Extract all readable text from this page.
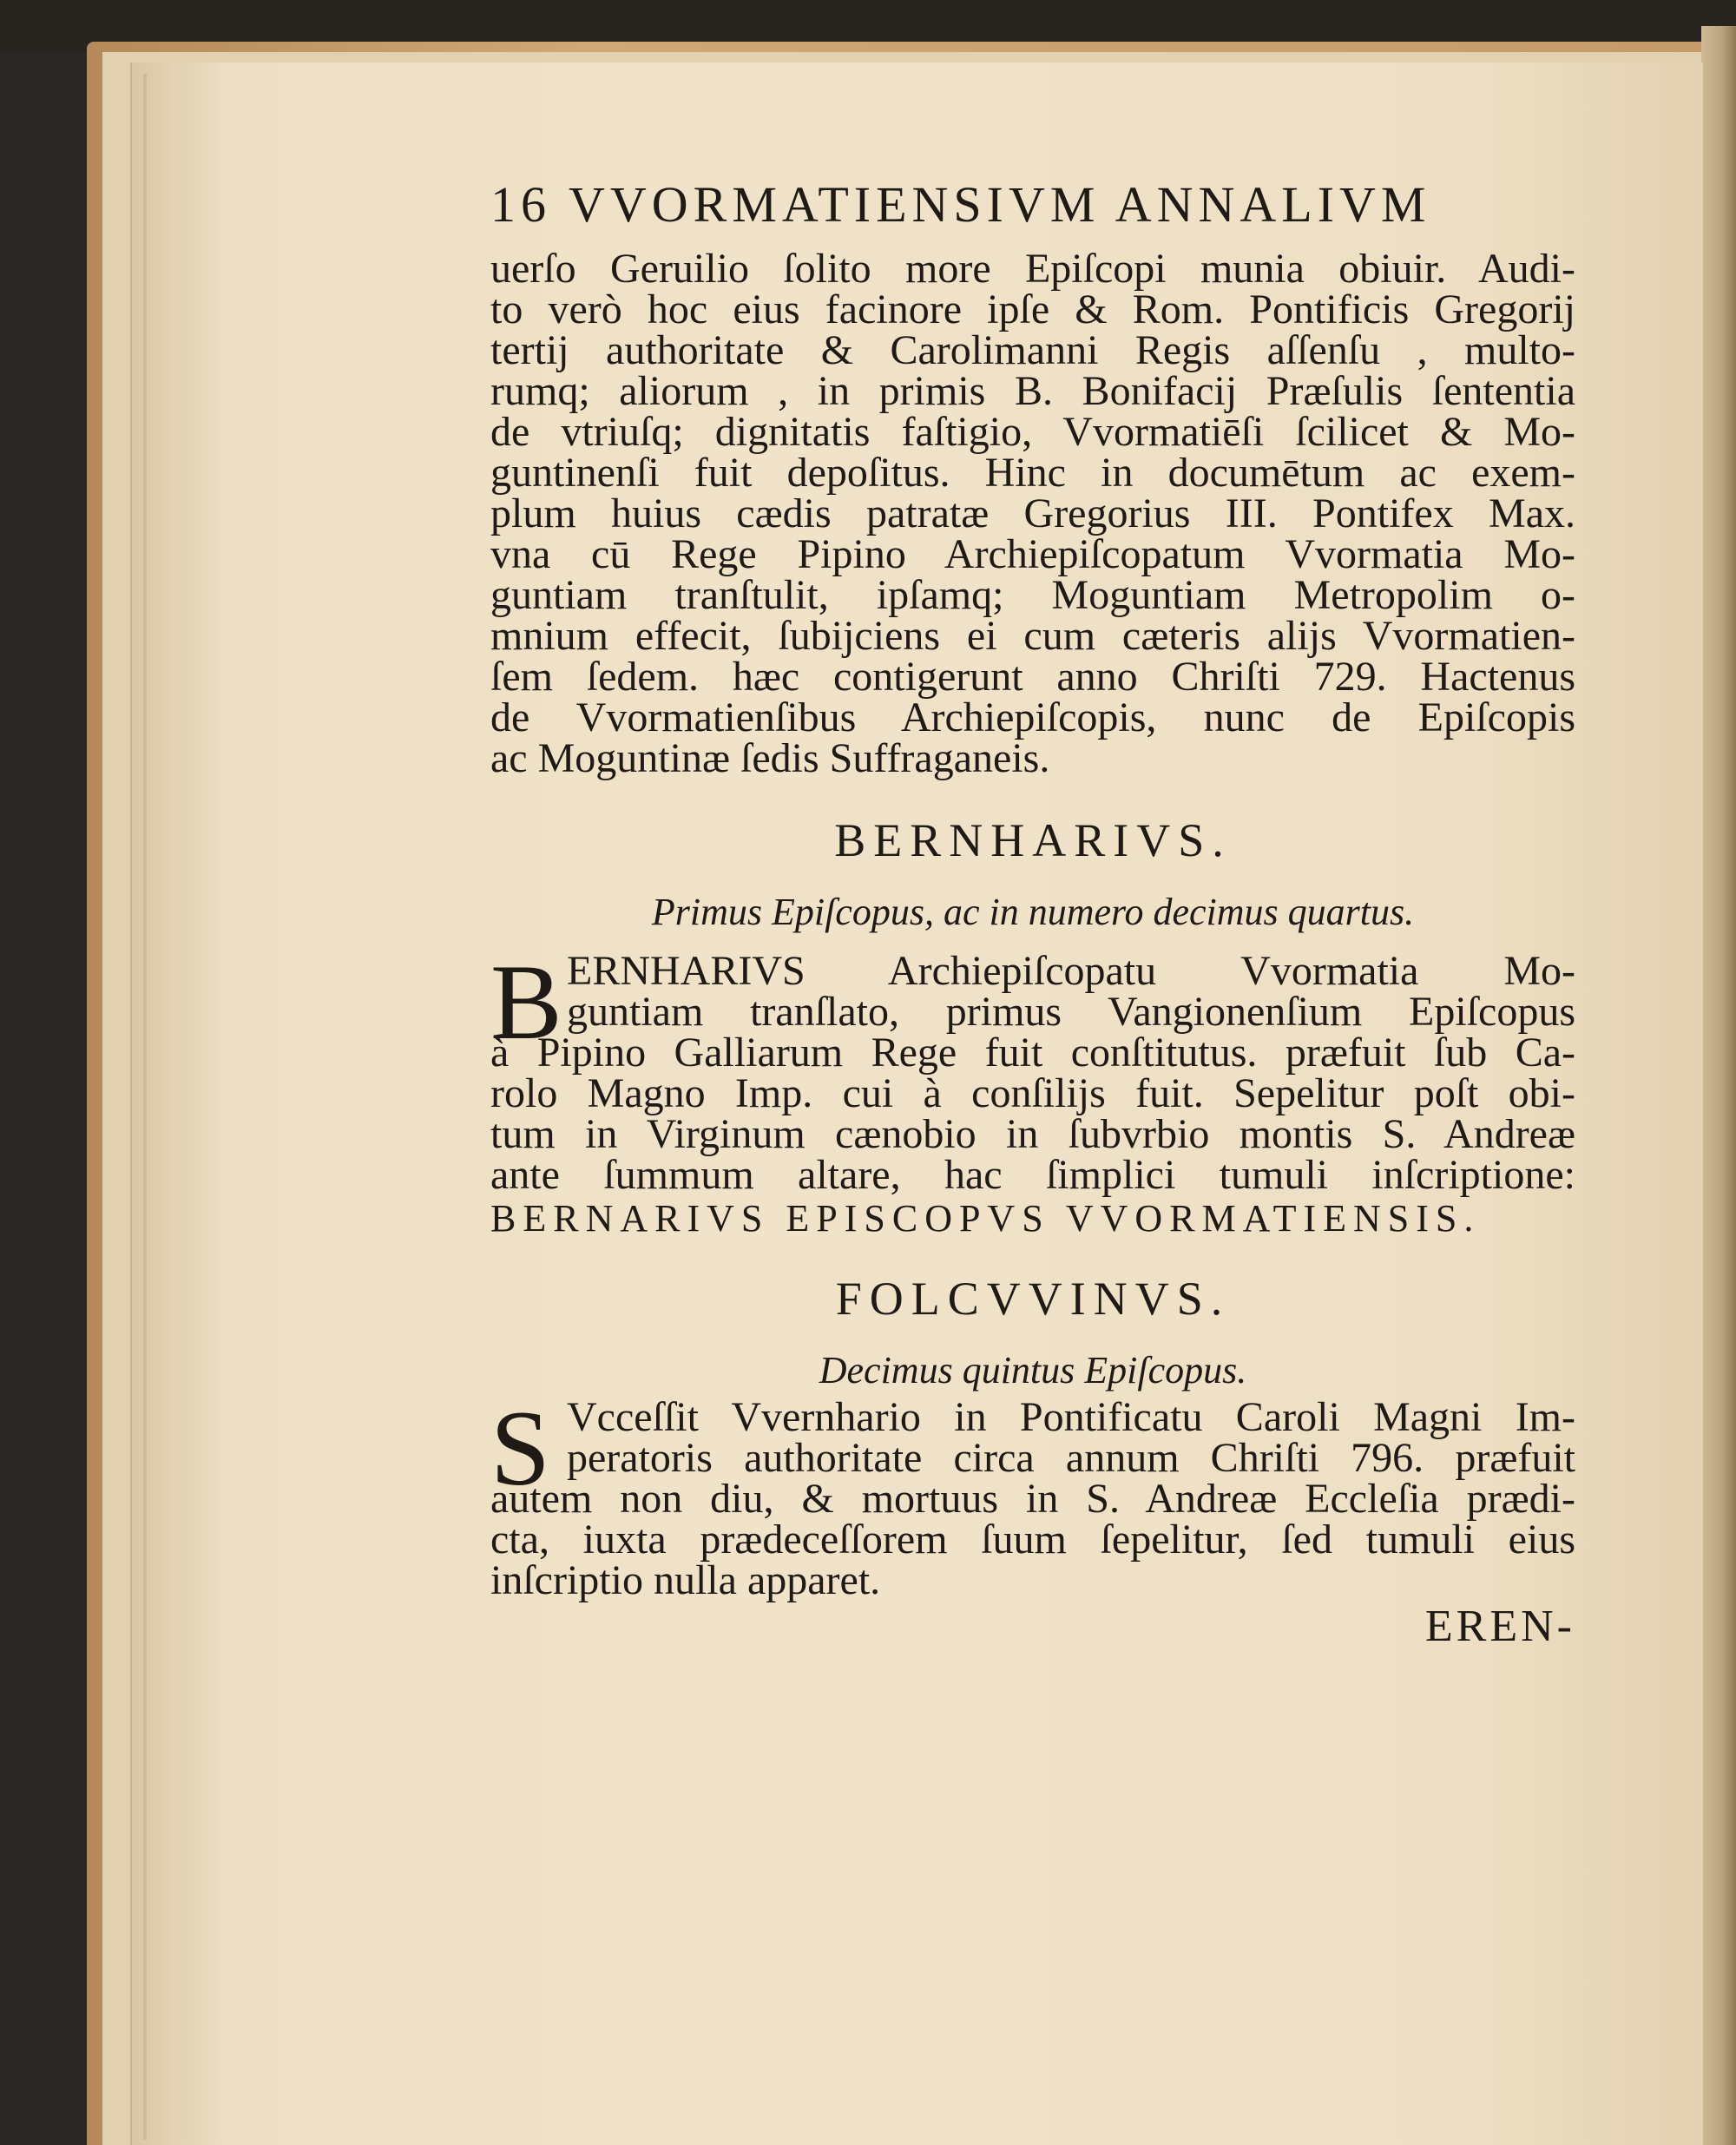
16 VVORMATIENSIVM ANNALIVM
uerſo Geruilio ſolito more Epiſcopi munia obiuir. Audi-
to verò hoc eius facinore ipſe & Rom. Pontificis Gregorij
tertij authoritate & Carolimanni Regis aſſenſu , multo-
rumq; aliorum , in primis B. Bonifacij Præſulis ſententia
de vtriuſq; dignitatis faſtigio, Vvormatiēſi ſcilicet & Mo-
guntinenſi fuit depoſitus. Hinc in documētum ac exem-
plum huius cædis patratæ Gregorius III. Pontifex Max.
vna cū Rege Pipino Archiepiſcopatum Vvormatia Mo-
guntiam tranſtulit, ipſamq; Moguntiam Metropolim o-
mnium effecit, ſubijciens ei cum cæteris alijs Vvormatien-
ſem ſedem. hæc contigerunt anno Chriſti 729. Hactenus
de Vvormatienſibus Archiepiſcopis, nunc de Epiſcopis
ac Moguntinæ ſedis Suffraganeis.
BERNHARIVS.
Primus Epiſcopus, ac in numero decimus quartus.
B ERNHARIVS Archiepiſcopatu Vvormatia Mo-
guntiam tranſlato, primus Vangionenſium Epiſcopus
à Pipino Galliarum Rege fuit conſtitutus. præfuit ſub Ca-
rolo Magno Imp. cui à conſilijs fuit. Sepelitur poſt obi-
tum in Virginum cænobio in ſubvrbio montis S. Andreæ
ante ſummum altare, hac ſimplici tumuli inſcriptione:
BERNARIVS EPISCOPVS VVORMATIENSIS.
FOLCVVINVS.
Decimus quintus Epiſcopus.
S Vcceſſit Vvernhario in Pontificatu Caroli Magni Im-
peratoris authoritate circa annum Chriſti 796. præfuit
autem non diu, & mortuus in S. Andreæ Eccleſia prædi-
cta, iuxta prædeceſſorem ſuum ſepelitur, ſed tumuli eius
inſcriptio nulla apparet.
EREN-
